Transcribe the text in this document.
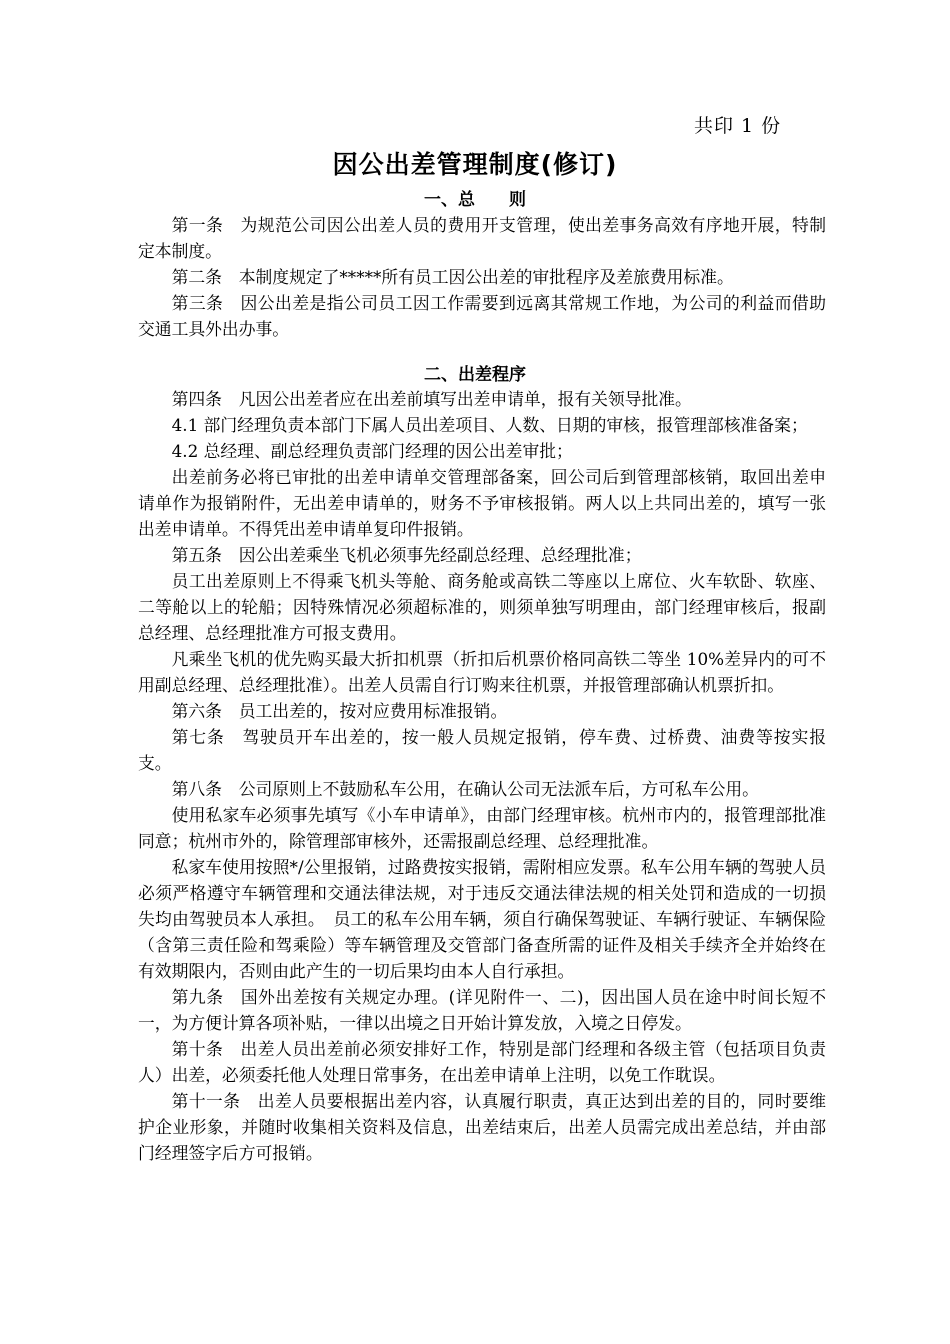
共印 1 份
因公出差管理制度(修订)
一、总　　则

第一条　为规范公司因公出差人员的费用开支管理，使出差事务高效有序地开展，特制定本制度。

第二条　本制度规定了*****所有员工因公出差的审批程序及差旅费用标准。

第三条　因公出差是指公司员工因工作需要到远离其常规工作地，为公司的利益而借助交通工具外出办事。

二、出差程序

第四条　凡因公出差者应在出差前填写出差申请单，报有关领导批准。

4.1 部门经理负责本部门下属人员出差项目、人数、日期的审核，报管理部核准备案；

4.2 总经理、副总经理负责部门经理的因公出差审批；

出差前务必将已审批的出差申请单交管理部备案，回公司后到管理部核销，取回出差申请单作为报销附件，无出差申请单的，财务不予审核报销。两人以上共同出差的，填写一张出差申请单。不得凭出差申请单复印件报销。

第五条　因公出差乘坐飞机必须事先经副总经理、总经理批准；

员工出差原则上不得乘飞机头等舱、商务舱或高铁二等座以上席位、火车软卧、软座、二等舱以上的轮船；因特殊情况必须超标准的，则须单独写明理由，部门经理审核后，报副总经理、总经理批准方可报支费用。

凡乘坐飞机的优先购买最大折扣机票（折扣后机票价格同高铁二等坐 10%差异内的可不用副总经理、总经理批准）。出差人员需自行订购来往机票，并报管理部确认机票折扣。

第六条　员工出差的，按对应费用标准报销。

第七条　驾驶员开车出差的，按一般人员规定报销，停车费、过桥费、油费等按实报支。

第八条　公司原则上不鼓励私车公用，在确认公司无法派车后，方可私车公用。

使用私家车必须事先填写《小车申请单》，由部门经理审核。杭州市内的，报管理部批准同意；杭州市外的，除管理部审核外，还需报副总经理、总经理批准。

私家车使用按照*/公里报销，过路费按实报销，需附相应发票。私车公用车辆的驾驶人员必须严格遵守车辆管理和交通法律法规，对于违反交通法律法规的相关处罚和造成的一切损失均由驾驶员本人承担。　员工的私车公用车辆，须自行确保驾驶证、车辆行驶证、车辆保险（含第三责任险和驾乘险）等车辆管理及交管部门备查所需的证件及相关手续齐全并始终在有效期限内，否则由此产生的一切后果均由本人自行承担。

第九条　国外出差按有关规定办理。(详见附件一、二)，因出国人员在途中时间长短不一，为方便计算各项补贴，一律以出境之日开始计算发放，入境之日停发。

第十条　出差人员出差前必须安排好工作，特别是部门经理和各级主管（包括项目负责人）出差，必须委托他人处理日常事务，在出差申请单上注明，以免工作耽误。

第十一条　出差人员要根据出差内容，认真履行职责，真正达到出差的目的，同时要维护企业形象，并随时收集相关资料及信息，出差结束后，出差人员需完成出差总结，并由部门经理签字后方可报销。
